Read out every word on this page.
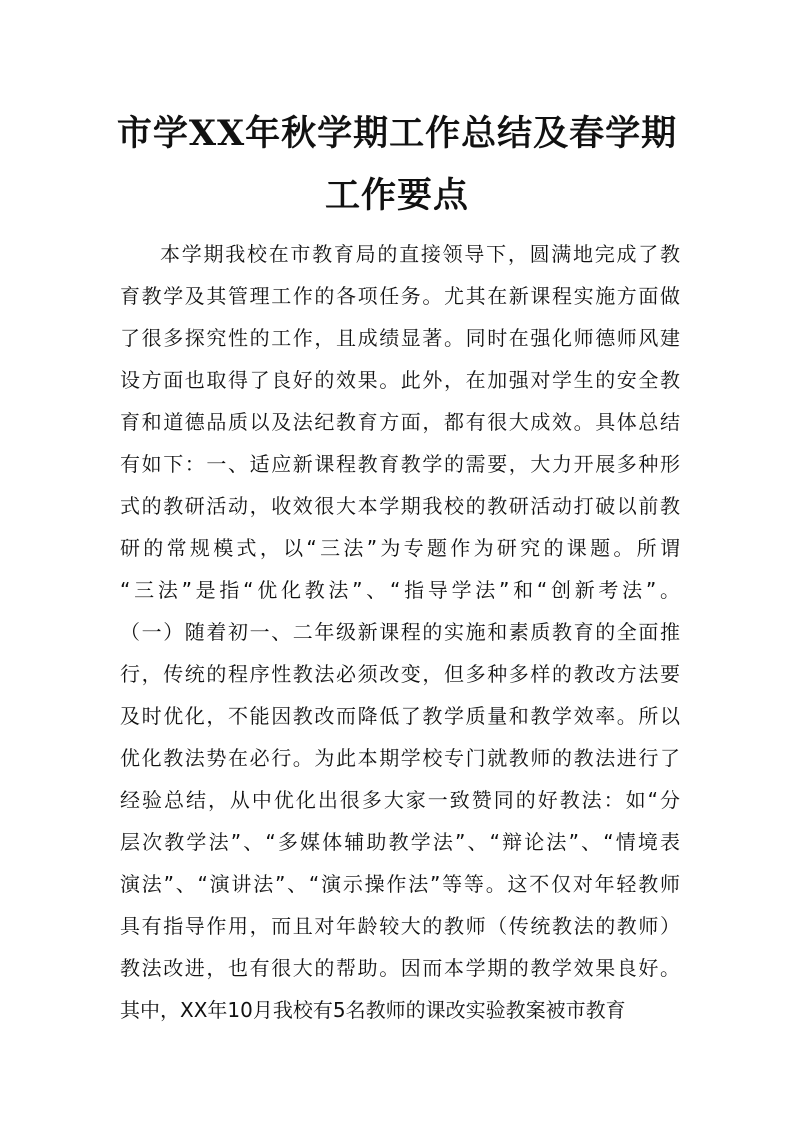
市学XX年秋学期工作总结及春学期
工作要点
本学期我校在市教育局的直接领导下，圆满地完成了教
育教学及其管理工作的各项任务。尤其在新课程实施方面做
了很多探究性的工作，且成绩显著。同时在强化师德师风建
设方面也取得了良好的效果。此外，在加强对学生的安全教
育和道德品质以及法纪教育方面，都有很大成效。具体总结
有如下：一、适应新课程教育教学的需要，大力开展多种形
式的教研活动，收效很大本学期我校的教研活动打破以前教
研的常规模式，以“三法”为专题作为研究的课题。所谓
“三法”是指“优化教法”、“指导学法”和“创新考法”。
（一）随着初一、二年级新课程的实施和素质教育的全面推
行，传统的程序性教法必须改变，但多种多样的教改方法要
及时优化，不能因教改而降低了教学质量和教学效率。所以
优化教法势在必行。为此本期学校专门就教师的教法进行了
经验总结，从中优化出很多大家一致赞同的好教法：如“分
层次教学法”、“多媒体辅助教学法”、“辩论法”、“情境表
演法”、“演讲法”、“演示操作法”等等。这不仅对年轻教师
具有指导作用，而且对年龄较大的教师（传统教法的教师）
教法改进，也有很大的帮助。因而本学期的教学效果良好。
其中，XX年10月我校有5名教师的课改实验教案被市教育
